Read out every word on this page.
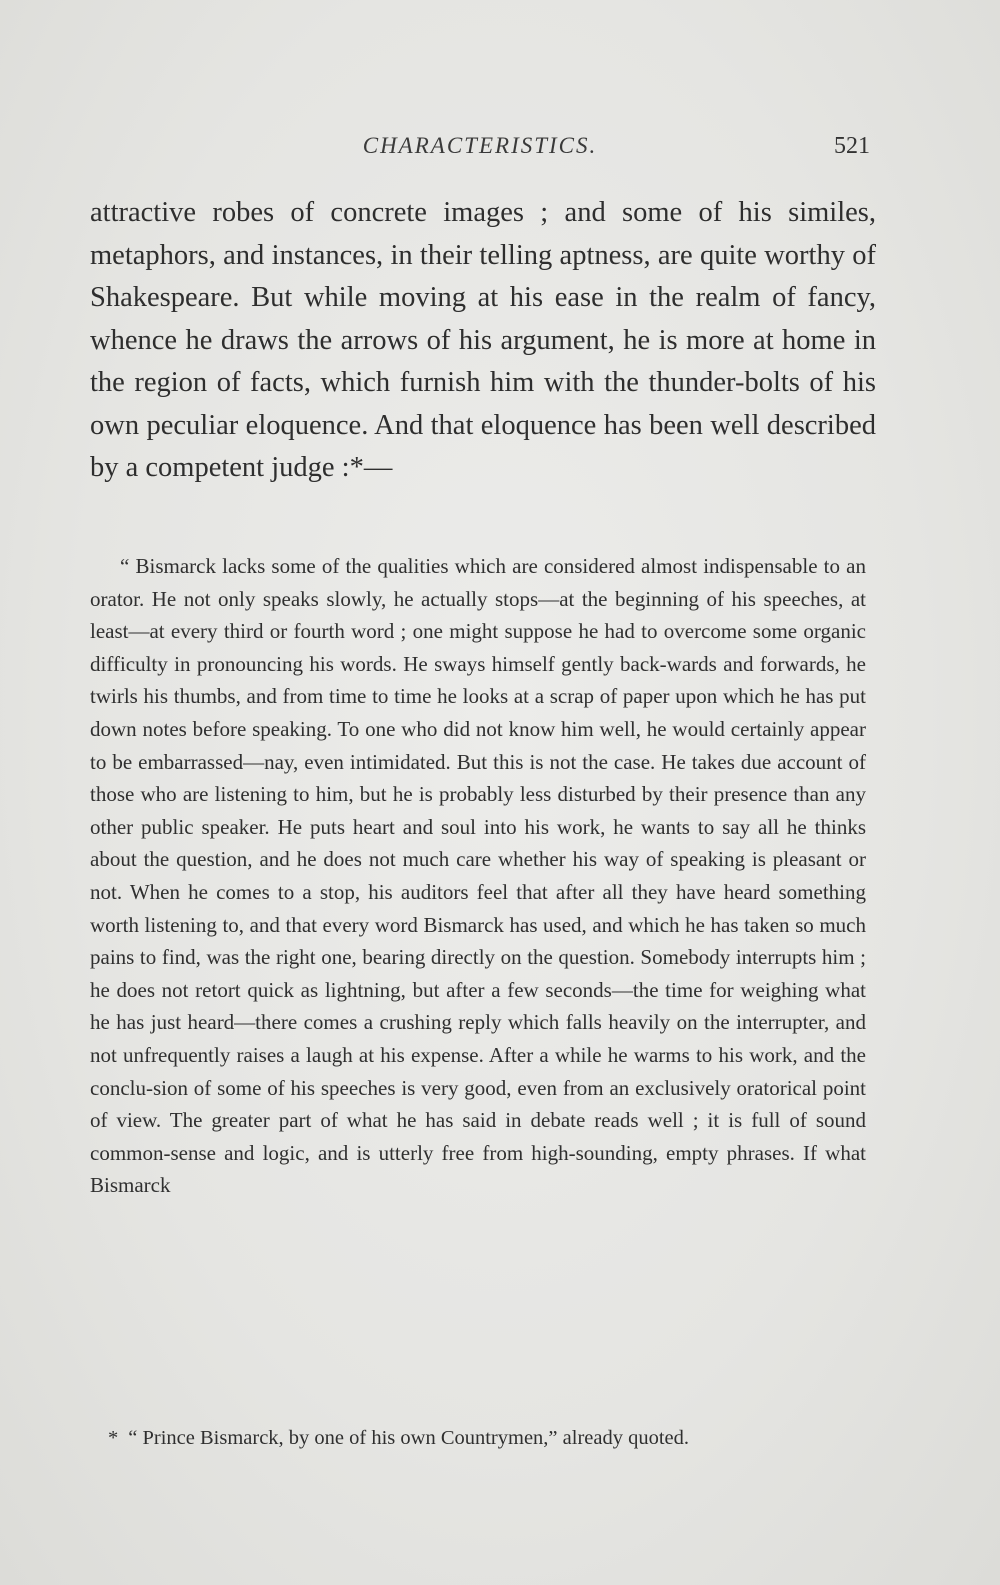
CHARACTERISTICS.	521

attractive robes of concrete images ; and some of his similes, metaphors, and instances, in their telling aptness, are quite worthy of Shakespeare. But while moving at his ease in the realm of fancy, whence he draws the arrows of his argument, he is more at home in the region of facts, which furnish him with the thunder-bolts of his own peculiar eloquence. And that eloquence has been well described by a competent judge :*—

“ Bismarck lacks some of the qualities which are considered almost indispensable to an orator. He not only speaks slowly, he actually stops—at the beginning of his speeches, at least—at every third or fourth word ; one might suppose he had to overcome some organic difficulty in pronouncing his words. He sways himself gently back-wards and forwards, he twirls his thumbs, and from time to time he looks at a scrap of paper upon which he has put down notes before speaking. To one who did not know him well, he would certainly appear to be embarrassed—nay, even intimidated. But this is not the case. He takes due account of those who are listening to him, but he is probably less disturbed by their presence than any other public speaker. He puts heart and soul into his work, he wants to say all he thinks about the question, and he does not much care whether his way of speaking is pleasant or not. When he comes to a stop, his auditors feel that after all they have heard something worth listening to, and that every word Bismarck has used, and which he has taken so much pains to find, was the right one, bearing directly on the question. Somebody interrupts him ; he does not retort quick as lightning, but after a few seconds—the time for weighing what he has just heard—there comes a crushing reply which falls heavily on the interrupter, and not unfrequently raises a laugh at his expense. After a while he warms to his work, and the conclu-sion of some of his speeches is very good, even from an exclusively oratorical point of view. The greater part of what he has said in debate reads well ; it is full of sound common-sense and logic, and is utterly free from high-sounding, empty phrases. If what Bismarck

* “ Prince Bismarck, by one of his own Countrymen,” already quoted.
